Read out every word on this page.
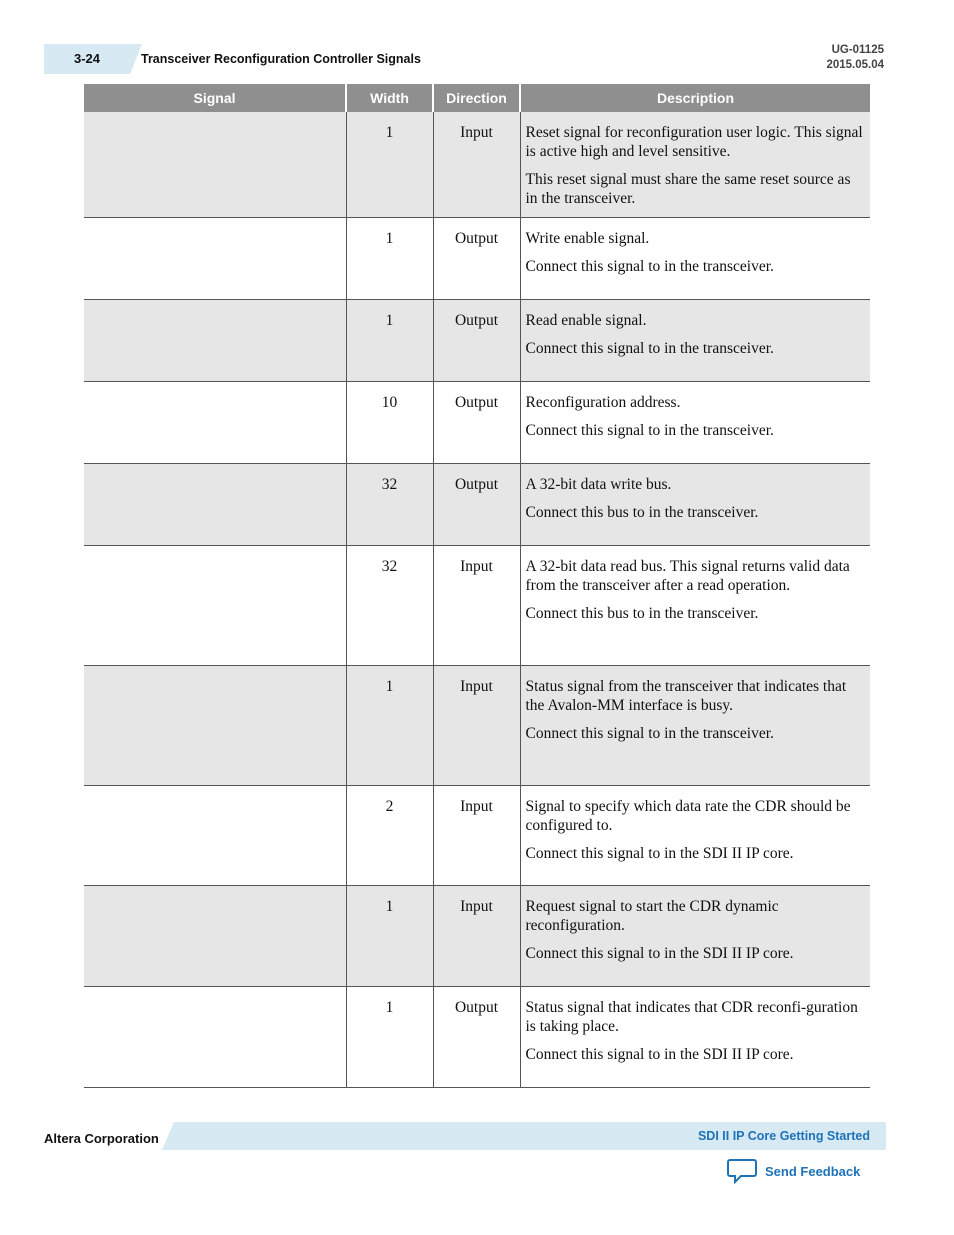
3-24	Transceiver Reconfiguration Controller Signals
UG-01125
2015.05.04
Signal	Width	Direction	Description
	1	Input	Reset signal for reconfiguration user logic. This signal is active high and level sensitive.

This reset signal must share the same reset source as in the transceiver.

	1	Output	Write enable signal.

Connect this signal to in the transceiver.

	1	Output	Read enable signal.

Connect this signal to in the transceiver.

	10	Output	Reconfiguration address.

Connect this signal to in the transceiver.

	32	Output	A 32-bit data write bus.

Connect this bus to in the transceiver.

	32	Input	A 32-bit data read bus. This signal returns valid data from the transceiver after a read operation.

Connect this bus to in the transceiver.

	1	Input	Status signal from the transceiver that indicates that the Avalon-MM interface is busy.

Connect this signal to in the transceiver.

	2	Input	Signal to specify which data rate the CDR should be configured to.

Connect this signal to in the SDI II IP core.

	1	Input	Request signal to start the CDR dynamic reconfiguration.

Connect this signal to in the SDI II IP core.

	1	Output	Status signal that indicates that CDR reconfi-guration is taking place.

Connect this signal to in the SDI II IP core.

Altera Corporation	SDI II IP Core Getting Started
Send Feedback
